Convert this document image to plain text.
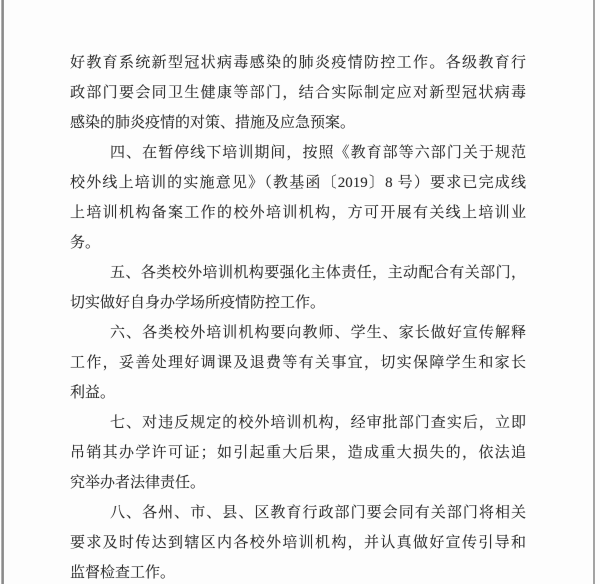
好教育系统新型冠状病毒感染的肺炎疫情防控工作。各级教育行
政部门要会同卫生健康等部门，结合实际制定应对新型冠状病毒
感染的肺炎疫情的对策、措施及应急预案。
四、在暂停线下培训期间，按照《教育部等六部门关于规范
校外线上培训的实施意见》（教基函〔2019〕8 号）要求已完成线
上培训机构备案工作的校外培训机构，方可开展有关线上培训业
务。
五、各类校外培训机构要强化主体责任，主动配合有关部门，
切实做好自身办学场所疫情防控工作。
六、各类校外培训机构要向教师、学生、家长做好宣传解释
工作，妥善处理好调课及退费等有关事宜，切实保障学生和家长
利益。
七、对违反规定的校外培训机构，经审批部门查实后，立即
吊销其办学许可证；如引起重大后果，造成重大损失的，依法追
究举办者法律责任。
八、各州、市、县、区教育行政部门要会同有关部门将相关
要求及时传达到辖区内各校外培训机构，并认真做好宣传引导和
监督检查工作。
